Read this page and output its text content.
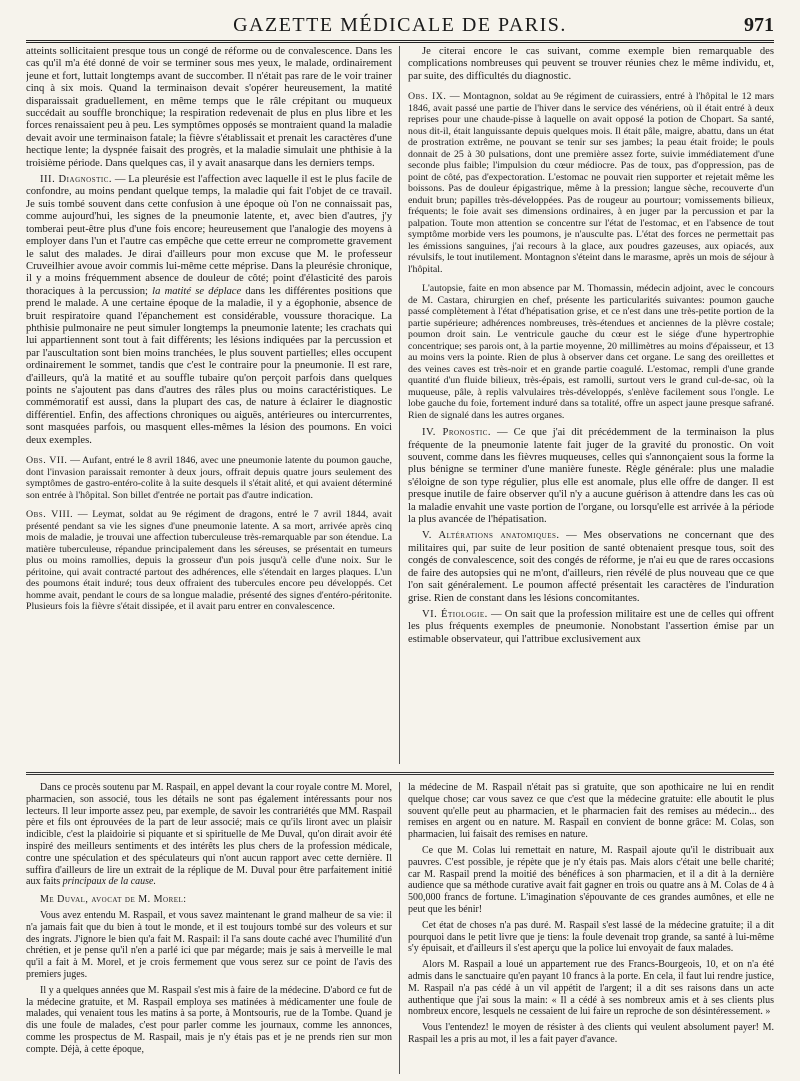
GAZETTE MÉDICALE DE PARIS.	971

atteints sollicitaient presque tous un congé de réforme ou de convalescence. Dans les cas qu'il m'a été donné de voir se terminer sous mes yeux, le malade, ordinairement jeune et fort, luttait longtemps avant de succomber. Il n'était pas rare de le voir trainer cinq à six mois. Quand la terminaison devait s'opérer heureusement, la matité disparaissait graduellement, en même temps que le râle crépitant ou muqueux succédait au souffle bronchique; la respiration redevenait de plus en plus libre et les forces renaissaient peu à peu. Les symptômes opposés se montraient quand la maladie devait avoir une terminaison fatale; la fièvre s'établissait et prenait les caractères d'une hectique lente; la dyspnée faisait des progrès, et la maladie simulait une phthisie à la troisième période. Dans quelques cas, il y avait anasarque dans les derniers temps.

III. Diagnostic. — La pleurésie est l'affection avec laquelle il est le plus facile de confondre, au moins pendant quelque temps, la maladie qui fait l'objet de ce travail. Je suis tombé souvent dans cette confusion à une époque où l'on ne connaissait pas, comme aujourd'hui, les signes de la pneumonie latente, et, avec bien d'autres, j'y tomberai peut-être plus d'une fois encore; heureusement que l'analogie des moyens à employer dans l'un et l'autre cas empêche que cette erreur ne compromette gravement le salut des malades. Je dirai d'ailleurs pour mon excuse que M. le professeur Cruveilhier avoue avoir commis lui-même cette méprise. Dans la pleurésie chronique, il y a moins fréquemment absence de douleur de côté; point d'élasticité des parois thoraciques à la percussion; la matité se déplace dans les différentes positions que prend le malade. A une certaine époque de la maladie, il y a égophonie, absence de bruit respiratoire quand l'épanchement est considérable, voussure thoracique. La phthisie pulmonaire ne peut simuler longtemps la pneumonie latente; les crachats qui lui appartiennent sont tout à fait différents; les lésions indiquées par la percussion et par l'auscultation sont bien moins tranchées, le plus souvent partielles; elles occupent ordinairement le sommet, tandis que c'est le contraire pour la pneumonie. Il est rare, d'ailleurs, qu'à la matité et au souffle tubaire qu'on perçoit parfois dans quelques points ne s'ajoutent pas dans d'autres des râles plus ou moins caractéristiques. Le commémoratif est aussi, dans la plupart des cas, de nature à éclairer le diagnostic différentiel. Enfin, des affections chroniques ou aiguës, antérieures ou intercurrentes, sont masquées parfois, ou masquent elles-mêmes la lésion des poumons. En voici deux exemples.

Obs. VII. — Aufant, entré le 8 avril 1846, avec une pneumonie latente du poumon gauche, dont l'invasion paraissait remonter à deux jours, offrait depuis quatre jours seulement des symptômes de gastro-entéro-colite à la suite desquels il s'était alité, et qui avaient déterminé son entrée à l'hôpital. Son billet d'entrée ne portait pas d'autre indication.

Obs. VIII. — Leymat, soldat au 9e régiment de dragons, entré le 7 avril 1844, avait présenté pendant sa vie les signes d'une pneumonie latente. A sa mort, arrivée après cinq mois de maladie, je trouvai une affection tuberculeuse très-remarquable par son étendue. La matière tuberculeuse, répandue principalement dans les séreuses, se présentait en tumeurs plus ou moins ramollies, depuis la grosseur d'un pois jusqu'à celle d'une noix. Sur le péritoine, qui avait contracté partout des adhérences, elle s'étendait en larges plaques. L'un des poumons était induré; tous deux offraient des tubercules encore peu développés. Cet homme avait, pendant le cours de sa longue maladie, présenté des signes d'entéro-péritonite. Plusieurs fois la fièvre s'était dissipée, et il avait paru entrer en convalescence.

Je citerai encore le cas suivant, comme exemple bien remarquable des complications nombreuses qui peuvent se trouver réunies chez le même individu, et, par suite, des difficultés du diagnostic.

Obs. IX. — Montagnon, soldat au 9e régiment de cuirassiers, entré à l'hôpital le 12 mars 1846, avait passé une partie de l'hiver dans le service des vénériens, où il était entré à deux reprises pour une chaude-pisse à laquelle on avait opposé la potion de Chopart. Sa santé, nous dit-il, était languissante depuis quelques mois. Il était pâle, maigre, abattu, dans un état de prostration extrême, ne pouvant se tenir sur ses jambes; la peau était froide; le pouls donnait de 25 à 30 pulsations, dont une première assez forte, suivie immédiatement d'une seconde plus faible; l'impulsion du cœur médiocre. Pas de toux, pas d'oppression, pas de point de côté, pas d'expectoration. L'estomac ne pouvait rien supporter et rejetait même les boissons. Pas de douleur épigastrique, même à la pression; langue sèche, recouverte d'un enduit brun; papilles très-développées. Pas de rougeur au pourtour; vomissements bilieux, fréquents; le foie avait ses dimensions ordinaires, à en juger par la percussion et par la palpation. Toute mon attention se concentre sur l'état de l'estomac, et en l'absence de tout symptôme morbide vers les poumons, je n'ausculte pas. L'état des forces ne permettait pas les émissions sanguines, j'ai recours à la glace, aux poudres gazeuses, aux opiacés, aux révulsifs, le tout inutilement. Montagnon s'éteint dans le marasme, après un mois de séjour à l'hôpital.

L'autopsie, faite en mon absence par M. Thomassin, médecin adjoint, avec le concours de M. Castara, chirurgien en chef, présente les particularités suivantes: poumon gauche passé complètement à l'état d'hépatisation grise, et ce n'est dans une très-petite portion de la partie supérieure; adhérences nombreuses, très-étendues et anciennes de la plèvre costale; poumon droit sain. Le ventricule gauche du cœur est le siége d'une hypertrophie concentrique; ses parois ont, à la partie moyenne, 20 millimètres au moins d'épaisseur, et 13 au moins vers la pointe. Rien de plus à observer dans cet organe. Le sang des oreillettes et des veines caves est très-noir et en grande partie coagulé. L'estomac, rempli d'une grande quantité d'un fluide bilieux, très-épais, est ramolli, surtout vers le grand cul-de-sac, où la muqueuse, pâle, à replis valvulaires très-développés, s'enlève facilement sous l'ongle. Le lobe gauche du foie, fortement induré dans sa totalité, offre un aspect jaune presque safrané. Rien de signalé dans les autres organes.

IV. Pronostic. — Ce que j'ai dit précédemment de la terminaison la plus fréquente de la pneumonie latente fait juger de la gravité du pronostic. On voit souvent, comme dans les fièvres muqueuses, celles qui s'annonçaient sous la forme la plus bénigne se terminer d'une manière funeste. Règle générale: plus une maladie s'éloigne de son type régulier, plus elle est anomale, plus elle offre de danger. Il est presque inutile de faire observer qu'il n'y a aucune guérison à attendre dans les cas où la maladie envahit une vaste portion de l'organe, ou lorsqu'elle est arrivée à la période la plus avancée de l'hépatisation.

V. Altérations anatomiques. — Mes observations ne concernant que des militaires qui, par suite de leur position de santé obtenaient presque tous, soit des congés de convalescence, soit des congés de réforme, je n'ai eu que de rares occasions de faire des autopsies qui ne m'ont, d'ailleurs, rien révélé de plus nouveau que ce que l'on sait généralement. Le poumon affecté présentait les caractères de l'induration grise. Rien de constant dans les lésions concomitantes.

VI. Étiologie. — On sait que la profession militaire est une de celles qui offrent les plus fréquents exemples de pneumonie. Nonobstant l'assertion émise par un estimable observateur, qui l'attribue exclusivement aux

Dans ce procès soutenu par M. Raspail, en appel devant la cour royale contre M. Morel, pharmacien, son associé, tous les détails ne sont pas également intéressants pour nos lecteurs. Il leur importe assez peu, par exemple, de savoir les contrariétés que MM. Raspail père et fils ont éprouvées de la part de leur associé; mais ce qu'ils liront avec un plaisir indicible, c'est la plaidoirie si piquante et si spirituelle de Me Duval, qu'on dirait avoir été inspiré des meilleurs sentiments et des intérêts les plus chers de la profession médicale, contre une spéculation et des spéculateurs qui n'ont aucun rapport avec cette dernière. Il suffira d'ailleurs de lire un extrait de la réplique de M. Duval pour être parfaitement initié aux faits principaux de la cause.

Me Duval, avocat de M. Morel:

Vous avez entendu M. Raspail, et vous savez maintenant le grand malheur de sa vie: il n'a jamais fait que du bien à tout le monde, et il est toujours tombé sur des voleurs et sur des ingrats. J'ignore le bien qu'a fait M. Raspail: il l'a sans doute caché avec l'humilité d'un chrétien, et je pense qu'il n'en a parlé ici que par mégarde; mais je sais à merveille le mal qu'il a fait à M. Morel, et je crois fermement que vous serez sur ce point de l'avis des premiers juges.

Il y a quelques années que M. Raspail s'est mis à faire de la médecine. D'abord ce fut de la médecine gratuite, et M. Raspail employa ses matinées à médicamenter une foule de malades, qui venaient tous les matins à sa porte, à Montsouris, rue de la Tombe. Quand je dis une foule de malades, c'est pour parler comme les journaux, comme les annonces, comme les prospectus de M. Raspail, mais je n'y étais pas et je ne prends rien sur mon compte. Déjà, à cette époque,

la médecine de M. Raspail n'était pas si gratuite, que son apothicaire ne lui en rendit quelque chose; car vous savez ce que c'est que la médecine gratuite: elle aboutit le plus souvent qu'elle peut au pharmacien, et le pharmacien fait des remises au médecin... des remises en argent ou en nature. M. Raspail en convient de bonne grâce: M. Colas, son pharmacien, lui faisait des remises en nature.

Ce que M. Colas lui remettait en nature, M. Raspail ajoute qu'il le distribuait aux pauvres. C'est possible, je répète que je n'y étais pas. Mais alors c'était une belle charité; car M. Raspail prend la moitié des bénéfices à son pharmacien, et il a dit à la dernière audience que sa méthode curative avait fait gagner en trois ou quatre ans à M. Colas de 4 à 500,000 francs de fortune. L'imagination s'épouvante de ces grandes aumônes, et elle ne peut que les bénir!

Cet état de choses n'a pas duré. M. Raspail s'est lassé de la médecine gratuite; il a dit pourquoi dans le petit livre que je tiens: la foule devenait trop grande, sa santé à lui-même s'y épuisait, et d'ailleurs il s'est aperçu que la police lui envoyait de faux malades.

Alors M. Raspail a loué un appartement rue des Francs-Bourgeois, 10, et on n'a été admis dans le sanctuaire qu'en payant 10 francs à la porte. En cela, il faut lui rendre justice, M. Raspail n'a pas cédé à un vil appétit de l'argent; il a dit ses raisons dans un acte authentique que j'ai sous la main: « Il a cédé à ses nombreux amis et à ses clients plus nombreux encore, lesquels ne cessaient de lui faire un reproche de son désintéressement. »

Vous l'entendez! le moyen de résister à des clients qui veulent absolument payer! M. Raspail les a pris au mot, il les a fait payer d'avance.
